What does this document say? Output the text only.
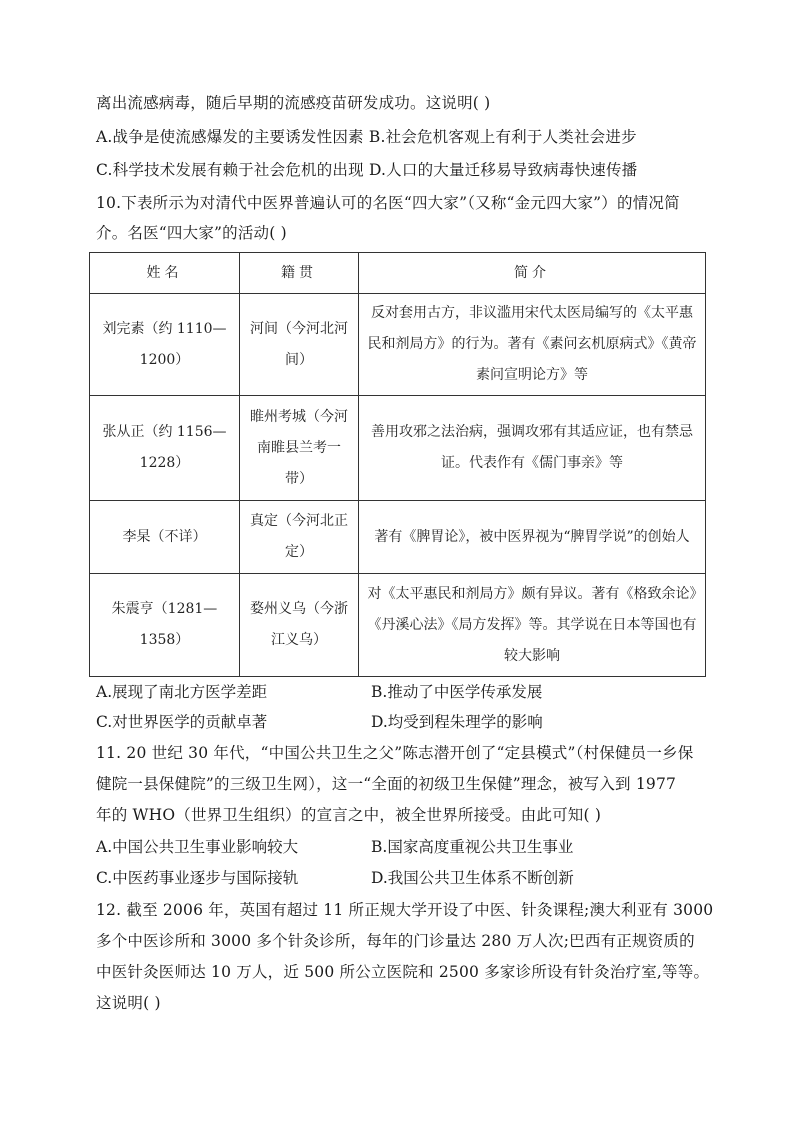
离出流感病毒，随后早期的流感疫苗研发成功。这说明( )
A.战争是使流感爆发的主要诱发性因素 B.社会危机客观上有利于人类社会进步
C.科学技术发展有赖于社会危机的出现 D.人口的大量迁移易导致病毒快速传播
10.下表所示为对清代中医界普遍认可的名医“四大家”（又称“金元四大家”）的情况简
介。名医“四大家”的活动( )
姓名	籍贯	简介
刘完素（约 1110—1200）	河间（今河北河间）	反对套用古方，非议滥用宋代太医局编写的《太平惠民和剂局方》的行为。著有《素问玄机原病式》《黄帝素问宣明论方》等
张从正（约 1156—1228）	睢州考城（今河南睢县兰考一带）	善用攻邪之法治病，强调攻邪有其适应证，也有禁忌证。代表作有《儒门事亲》等
李杲（不详）	真定（今河北正定）	著有《脾胃论》，被中医界视为“脾胃学说”的创始人
朱震亨（1281—1358）	婺州义乌（今浙江义乌）	对《太平惠民和剂局方》颇有异议。著有《格致余论》《丹溪心法》《局方发挥》等。其学说在日本等国也有较大影响
A.展现了南北方医学差距	B.推动了中医学传承发展
C.对世界医学的贡献卓著	D.均受到程朱理学的影响
11. 20 世纪 30 年代，“中国公共卫生之父”陈志潜开创了“定县模式”（村保健员一乡保
健院一县保健院”的三级卫生网），这一“全面的初级卫生保健”理念，被写入到 1977
年的 WHO（世界卫生组织）的宣言之中，被全世界所接受。由此可知( )
A.中国公共卫生事业影响较大	B.国家高度重视公共卫生事业
C.中医药事业逐步与国际接轨	D.我国公共卫生体系不断创新
12. 截至 2006 年，英国有超过 11 所正规大学开设了中医、针灸课程;澳大利亚有 3000
多个中医诊所和 3000 多个针灸诊所，每年的门诊量达 280 万人次;巴西有正规资质的
中医针灸医师达 10 万人，近 500 所公立医院和 2500 多家诊所设有针灸治疗室,等等。
这说明( )
